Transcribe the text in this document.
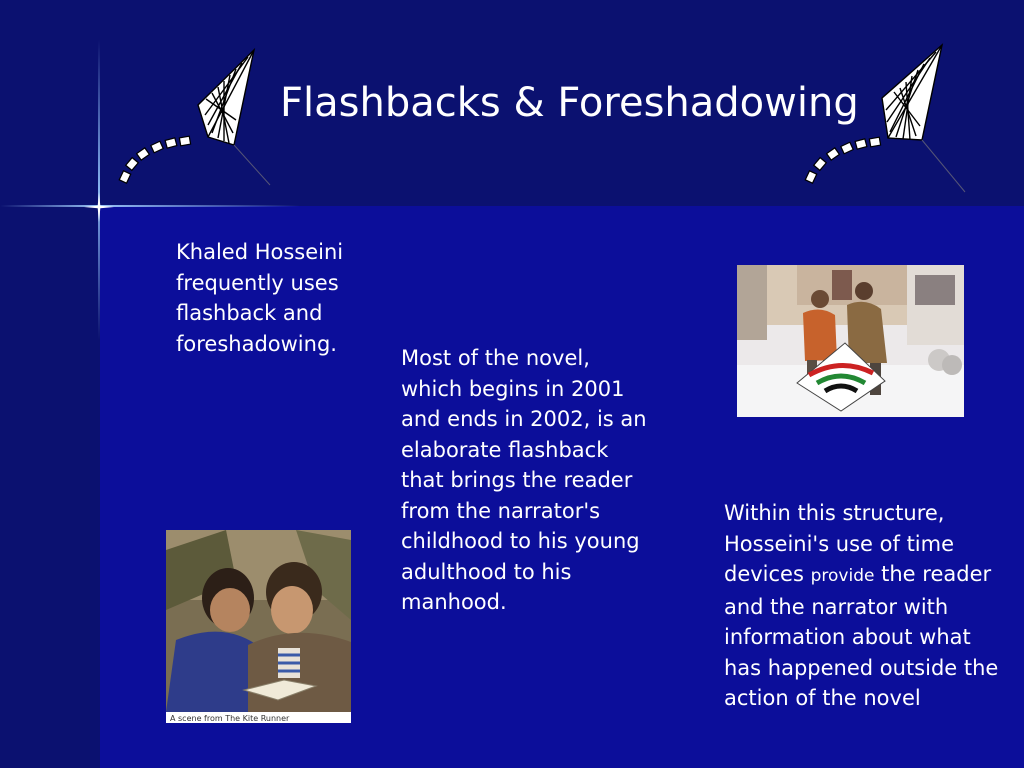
Flashbacks & Foreshadowing
Khaled Hosseini frequently uses flashback and foreshadowing.
Most of the novel, which begins in 2001 and ends in 2002, is an elaborate flashback that brings the reader from the narrator's childhood to his young adulthood to his manhood.
Within this structure, Hosseini's use of time devices provide the reader and the narrator with information about what has happened outside the action of the novel
A scene from The Kite Runner
